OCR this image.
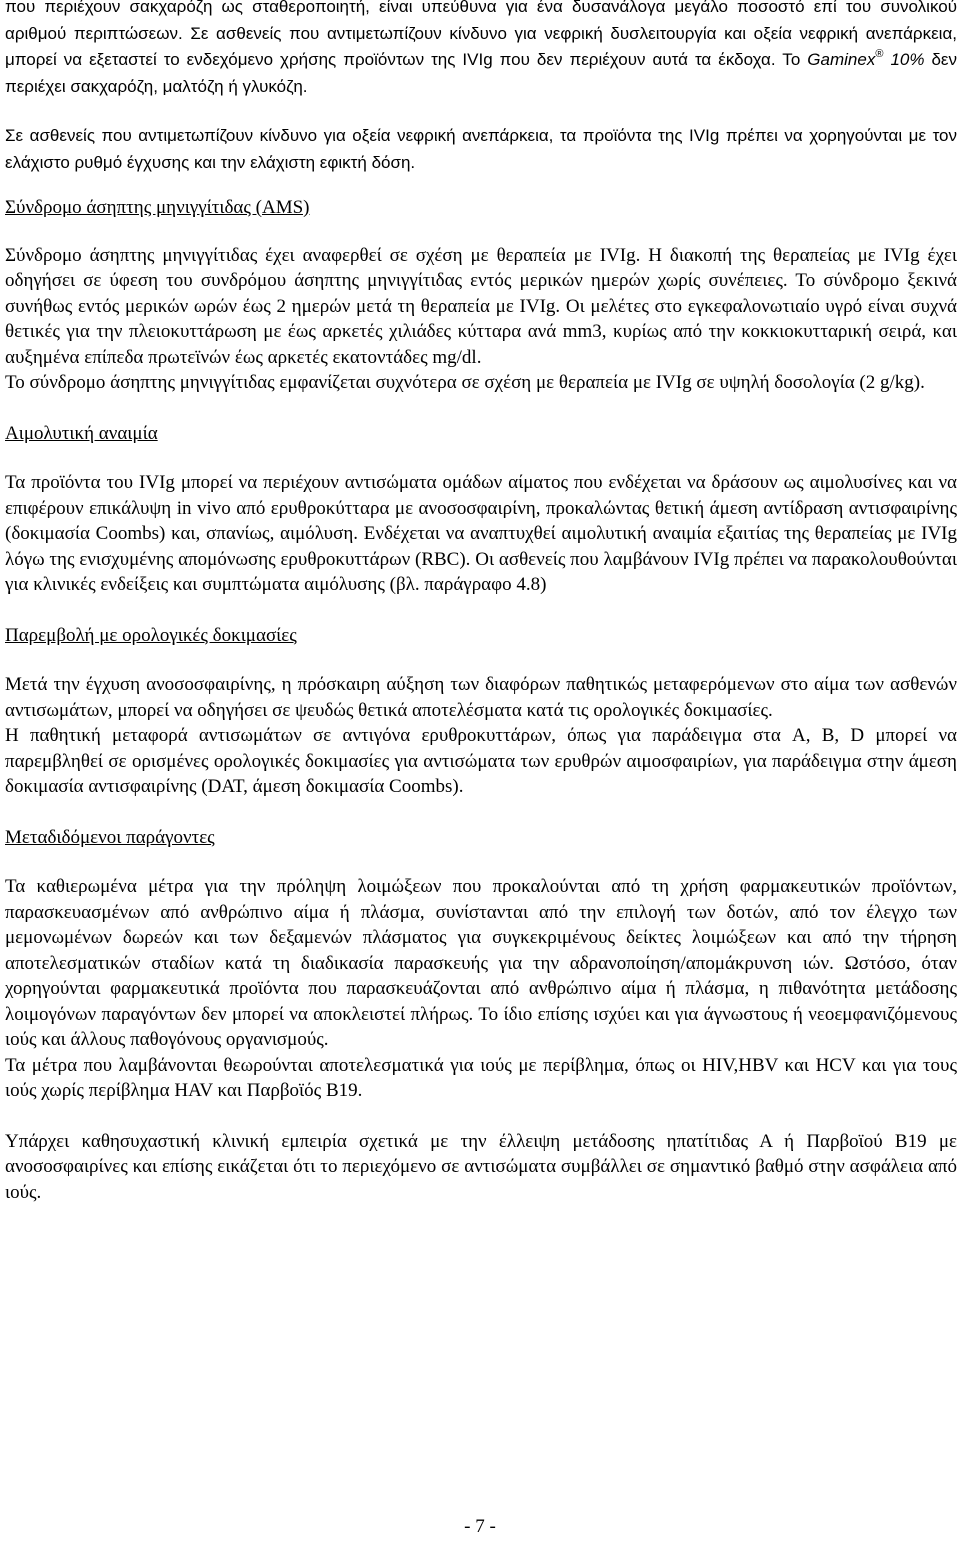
που περιέχουν σακχαρόζη ως σταθεροποιητή, είναι υπεύθυνα για ένα δυσανάλογα μεγάλο ποσοστό επί του συνολικού αριθμού περιπτώσεων. Σε ασθενείς που αντιμετωπίζουν κίνδυνο για νεφρική δυσλειτουργία και οξεία νεφρική ανεπάρκεια, μπορεί να εξεταστεί το ενδεχόμενο χρήσης προϊόντων της IVIg που δεν περιέχουν αυτά τα έκδοχα. Το Gaminex® 10% δεν περιέχει σακχαρόζη, μαλτόζη ή γλυκόζη.

Σε ασθενείς που αντιμετωπίζουν κίνδυνο για οξεία νεφρική ανεπάρκεια, τα προϊόντα της IVIg πρέπει να χορηγούνται με τον ελάχιστο ρυθμό έγχυσης και την ελάχιστη εφικτή δόση.

Σύνδρομο άσηπτης μηνιγγίτιδας (AMS)

Σύνδρομο άσηπτης μηνιγγίτιδας έχει αναφερθεί σε σχέση με θεραπεία με IVIg. Η διακοπή της θεραπείας με IVIg έχει οδηγήσει σε ύφεση του συνδρόμου άσηπτης μηνιγγίτιδας εντός μερικών ημερών χωρίς συνέπειες. Το σύνδρομο ξεκινά συνήθως εντός μερικών ωρών έως 2 ημερών μετά τη θεραπεία με IVIg. Οι μελέτες στο εγκεφαλονωτιαίο υγρό είναι συχνά θετικές για την πλειοκυττάρωση με έως αρκετές χιλιάδες κύτταρα ανά mm3, κυρίως από την κοκκιοκυτταρική σειρά, και αυξημένα επίπεδα πρωτεϊνών έως αρκετές εκατοντάδες mg/dl.

Το σύνδρομο άσηπτης μηνιγγίτιδας εμφανίζεται συχνότερα σε σχέση με θεραπεία με IVIg σε υψηλή δοσολογία (2 g/kg).

Αιμολυτική αναιμία

Τα προϊόντα του IVIg μπορεί να περιέχουν αντισώματα ομάδων αίματος που ενδέχεται να δράσουν ως αιμολυσίνες και να επιφέρουν επικάλυψη in vivo από ερυθροκύτταρα με ανοσοσφαιρίνη, προκαλώντας θετική άμεση αντίδραση αντισφαιρίνης (δοκιμασία Coombs) και, σπανίως, αιμόλυση. Ενδέχεται να αναπτυχθεί αιμολυτική αναιμία εξαιτίας της θεραπείας με IVIg λόγω της ενισχυμένης απομόνωσης ερυθροκυττάρων (RBC). Οι ασθενείς που λαμβάνουν IVIg πρέπει να παρακολουθούνται για κλινικές ενδείξεις και συμπτώματα αιμόλυσης (βλ. παράγραφο 4.8)

Παρεμβολή με ορολογικές δοκιμασίες

Μετά την έγχυση ανοσοσφαιρίνης, η πρόσκαιρη αύξηση των διαφόρων παθητικώς μεταφερόμενων στο αίμα των ασθενών αντισωμάτων, μπορεί να οδηγήσει σε ψευδώς θετικά αποτελέσματα κατά τις ορολογικές δοκιμασίες.

Η παθητική μεταφορά αντισωμάτων σε αντιγόνα ερυθροκυττάρων, όπως για παράδειγμα στα A, B, D μπορεί να παρεμβληθεί σε ορισμένες ορολογικές δοκιμασίες για αντισώματα των ερυθρών αιμοσφαιρίων, για παράδειγμα στην άμεση δοκιμασία αντισφαιρίνης (DAT, άμεση δοκιμασία Coombs).

Μεταδιδόμενοι παράγοντες

Τα καθιερωμένα μέτρα για την πρόληψη λοιμώξεων που προκαλούνται από τη χρήση φαρμακευτικών προϊόντων, παρασκευασμένων από ανθρώπινο αίμα ή πλάσμα, συνίστανται από την επιλογή των δοτών, από τον έλεγχο των μεμονωμένων δωρεών και των δεξαμενών πλάσματος για συγκεκριμένους δείκτες λοιμώξεων και από την τήρηση αποτελεσματικών σταδίων κατά τη διαδικασία παρασκευής για την αδρανοποίηση/απομάκρυνση ιών. Ωστόσο, όταν χορηγούνται φαρμακευτικά προϊόντα που παρασκευάζονται από ανθρώπινο αίμα ή πλάσμα, η πιθανότητα μετάδοσης λοιμογόνων παραγόντων δεν μπορεί να αποκλειστεί πλήρως. Το ίδιο επίσης ισχύει και για άγνωστους ή νεοεμφανιζόμενους ιούς και άλλους παθογόνους οργανισμούς.

Τα μέτρα που λαμβάνονται θεωρούνται αποτελεσματικά για ιούς με περίβλημα, όπως οι HIV,HBV και HCV και για τους ιούς χωρίς περίβλημα HAV και Παρβοϊός B19.

Υπάρχει καθησυχαστική κλινική εμπειρία σχετικά με την έλλειψη μετάδοσης ηπατίτιδας Α ή Παρβοϊού B19 με ανοσοσφαιρίνες και επίσης εικάζεται ότι το περιεχόμενο σε αντισώματα συμβάλλει σε σημαντικό βαθμό στην ασφάλεια από ιούς.

- 7 -
